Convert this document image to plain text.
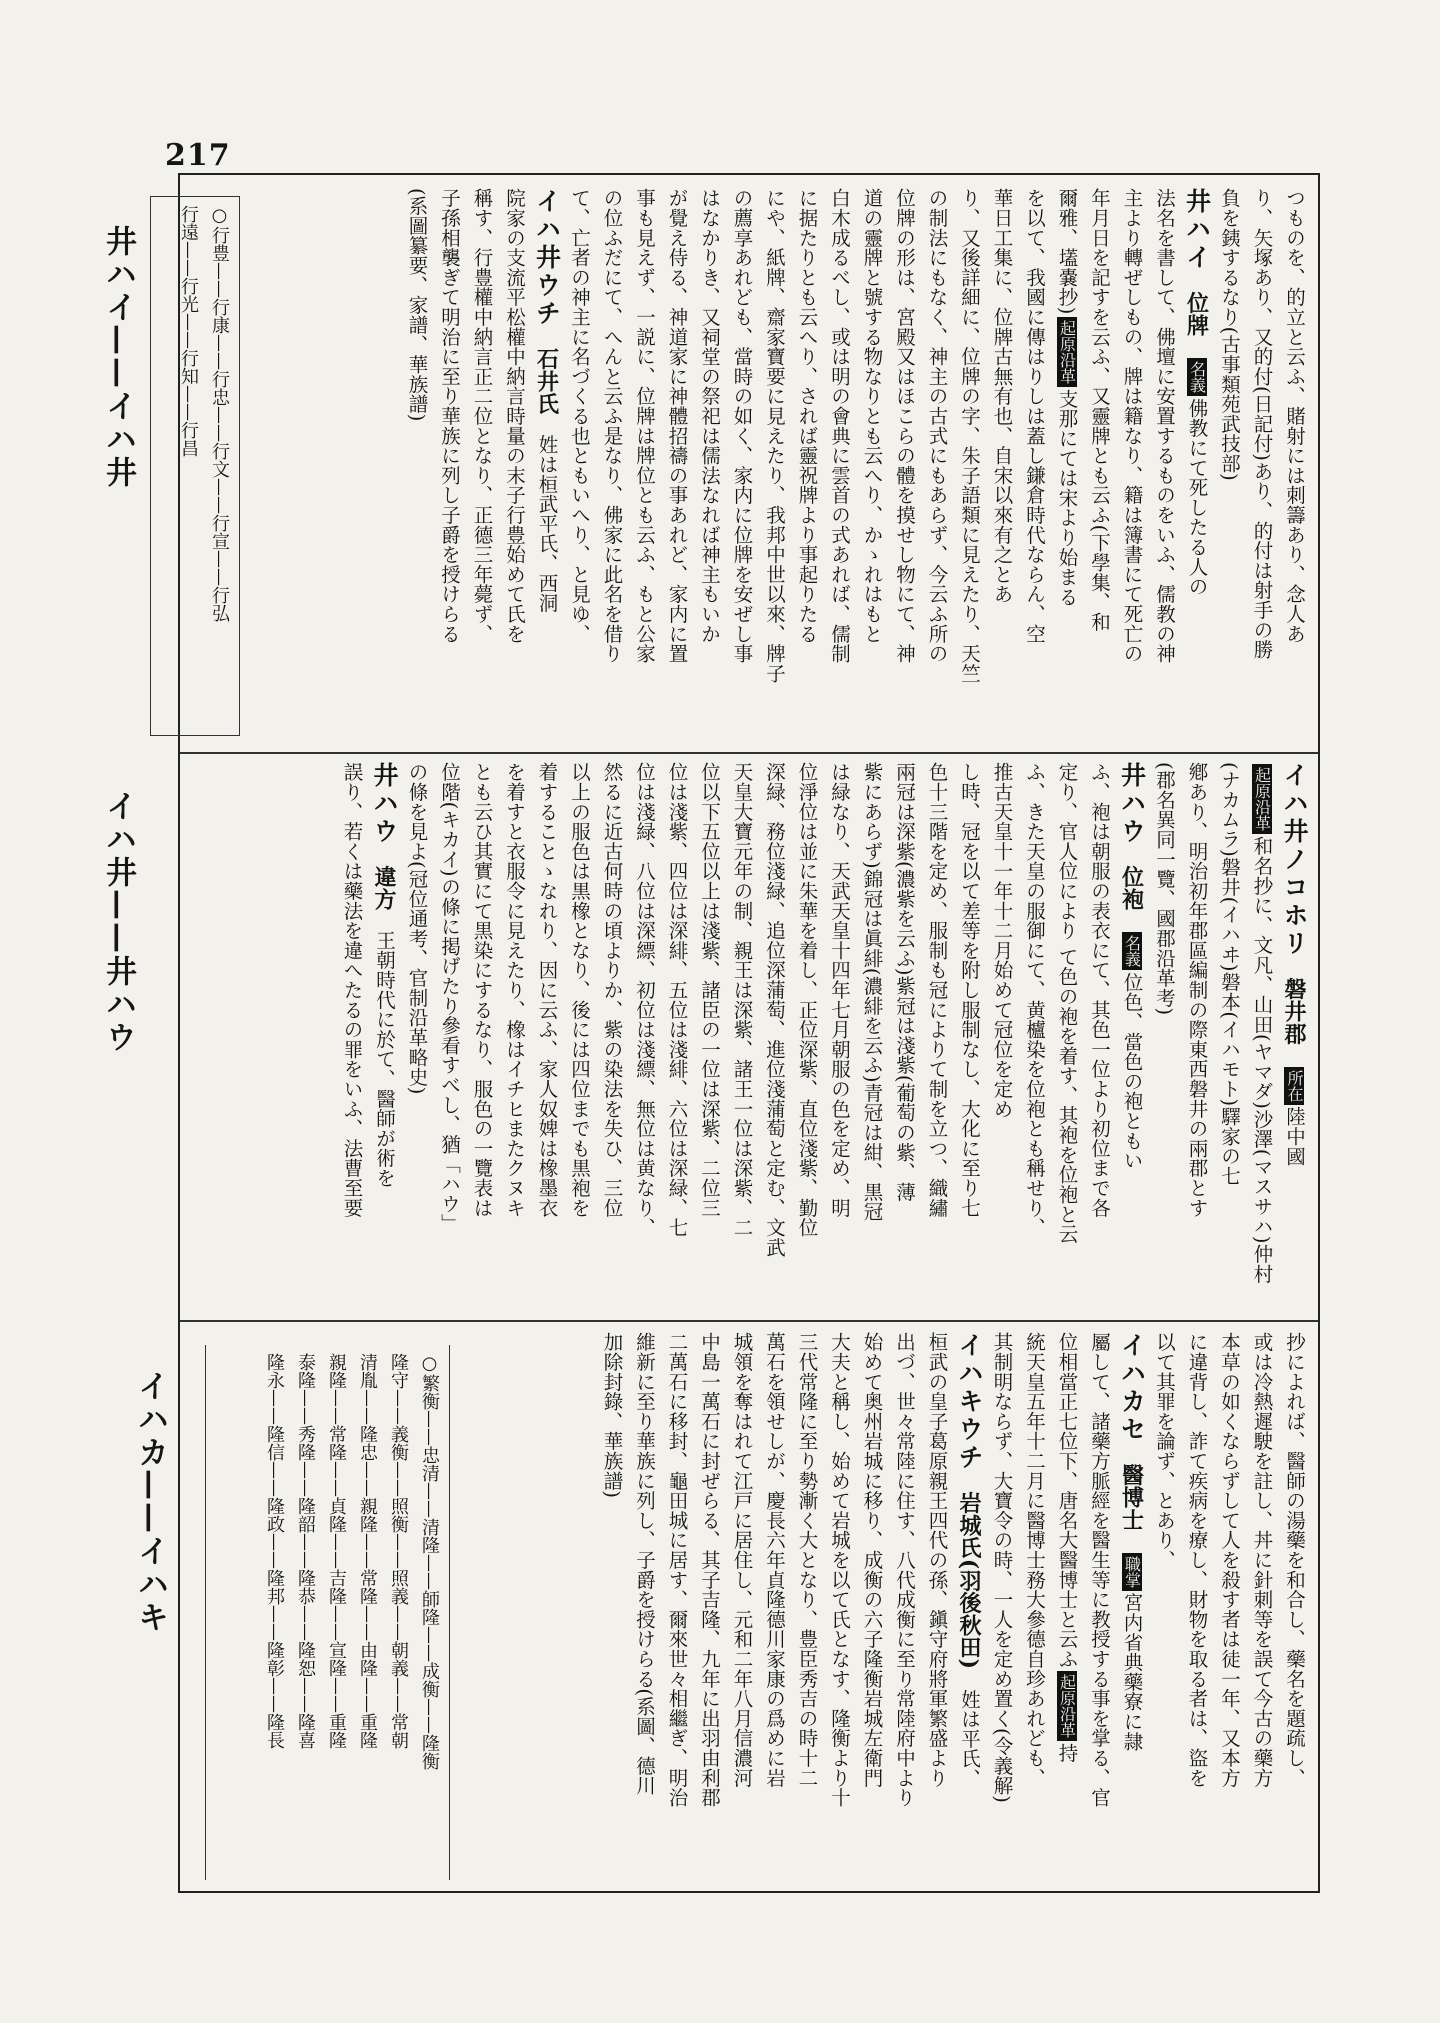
217
井ハイ——イハ井
イハ井——井ハウ
イハカ——イハキ
つものを、的立と云ふ、賭射には刺籌あり、念人あ
り、矢塚あり、又的付(日記付)あり、的付は射手の勝
負を銕するなり(古事類苑武技部)
井ハイ　位牌　名義佛教にて死したる人の
法名を書して、佛壇に安置するものをいふ、儒教の神
主より轉ぜしもの、牌は籍なり、籍は簿書にて死亡の
年月日を記すを云ふ、又靈牌とも云ふ(下學集、和
爾雅、壒嚢抄)起原沿革支那にては宋より始まる
を以て、我國に傳はりしは蓋し鎌倉時代ならん、空
華日工集に、位牌古無有也、自宋以來有之とあ
り、又後詳細に、位牌の字、朱子語類に見えたり、天竺
の制法にもなく、神主の古式にもあらず、今云ふ所の
位牌の形は、宮殿又はほこらの體を摸せし物にて、神
道の靈牌と號する物なりとも云へり、かゝれはもと
白木成るべし、或は明の會典に雲首の式あれば、儒制
に据たりとも云へり、されば靈祝牌より事起りたる
にや、紙牌、齋家寶要に見えたり、我邦中世以來、牌子
の薦享あれども、當時の如く、家内に位牌を安ぜし事
はなかりき、又祠堂の祭祀は儒法なれば神主もいか
が覺え侍る、神道家に神體招禱の事あれど、家内に置
事も見えず、一説に、位牌は牌位とも云ふ、もと公家
の位ふだにて、へんと云ふ是なり、佛家に此名を借り
て、亡者の神主に名づくる也ともいへり、と見ゆ、
イハ井ウチ　石井氏　姓は桓武平氏、西洞
院家の支流平松權中納言時量の末子行豊始めて氏を
稱す、行豊權中納言正二位となり、正德三年薨ず、
子孫相襲ぎて明治に至り華族に列し子爵を授けらる
(系圖纂要、家譜、華族譜)
○行豊——行康——行忠——行文——行宣——行弘
行遠——行光——行知——行昌
イハ井ノコホリ　磐井郡　所在陸中國
起原沿革和名抄に、文凡、山田(ヤマダ)沙澤(マスサハ)仲村
(ナカムラ)磐井(イハヰ)磐本(イハモト)驛家の七
鄕あり、明治初年郡區編制の際東西磐井の兩郡とす
(郡名異同一覽、國郡沿革考)
井ハウ　位袍　名義位色、當色の袍ともい
ふ、袍は朝服の表衣にて、其色一位より初位まで各
定り、官人位により て色の袍を着す、其袍を位袍と云
ふ、きた天皇の服御にて、黄櫨染を位袍とも稱せり、
推古天皇十一年十二月始めて冠位を定め
し時、冠を以て差等を附し服制なし、大化に至り七
色十三階を定め、服制も冠によりて制を立つ、織繡
兩冠は深紫(濃紫を云ふ)紫冠は淺紫(葡萄の紫、薄
紫にあらず)錦冠は眞緋(濃緋を云ふ)青冠は紺、黒冠
は緑なり、天武天皇十四年七月朝服の色を定め、明
位淨位は並に朱華を着し、正位深紫、直位淺紫、勤位
深緑、務位淺緑、追位深蒲萄、進位淺蒲萄と定む、文武
天皇大寶元年の制、親王は深紫、諸王一位は深紫、二
位以下五位以上は淺紫、諸臣の一位は深紫、二位三
位は淺紫、四位は深緋、五位は淺緋、六位は深緑、七
位は淺緑、八位は深縹、初位は淺縹、無位は黄なり、
然るに近古何時の頃よりか、紫の染法を失ひ、三位
以上の服色は黒橡となり、後には四位までも黒袍を
着することゝなれり、因に云ふ、家人奴婢は橡墨衣
を着すと衣服令に見えたり、橡はイチヒまたクヌキ
とも云ひ其實にて黒染にするなり、服色の一覽表は
位階(キカイ)の條に掲げたり參看すべし、猶「ハウ」
の條を見よ(冠位通考、官制沿革略史)
井ハウ　違方　王朝時代に於て、醫師が術を
誤り、若くは藥法を違へたるの罪をいふ、法曹至要
抄によれば、醫師の湯藥を和合し、藥名を題疏し、
或は冷熱遲駛を註し、丼に針刺等を誤て今古の藥方
本草の如くならずして人を殺す者は徒一年、又本方
に違背し、詐て疾病を療し、財物を取る者は、盜を
以て其罪を論ず、とあり、
イハカセ　醫博士　職掌宮内省典藥寮に隷
屬して、諸藥方脈經を醫生等に教授する事を掌る、官
位相當正七位下、唐名大醫博士と云ふ起原沿革持
統天皇五年十二月に醫博士務大參德自珍あれども、
其制明ならず、大寶令の時、一人を定め置く(令義解)
イハキウチ　岩城氏(羽後秋田)　姓は平氏、
桓武の皇子葛原親王四代の孫、鎭守府將軍繁盛より
出づ、世々常陸に住す、八代成衡に至り常陸府中より
始めて奥州岩城に移り、成衡の六子隆衡岩城左衛門
大夫と稱し、始めて岩城を以て氏となす、隆衡より十
三代常隆に至り勢漸く大となり、豊臣秀吉の時十二
萬石を領せしが、慶長六年貞隆德川家康の爲めに岩
城領を奪はれて江戸に居住し、元和二年八月信濃河
中島一萬石に封ぜらる、其子吉隆、九年に出羽由利郡
二萬石に移封、龜田城に居す、爾來世々相繼ぎ、明治
維新に至り華族に列し、子爵を授けらる(系圖、德川
加除封錄、華族譜)
○繁衡——忠清——清隆——師隆——成衡——隆衡
隆守——義衡——照衡——照義——朝義——常朝
清胤——隆忠——親隆——常隆——由隆——重隆
親隆——常隆——貞隆——吉隆——宣隆——重隆
泰隆——秀隆——隆韶——隆恭——隆恕——隆喜
隆永——隆信——隆政——隆邦——隆彰——隆長
